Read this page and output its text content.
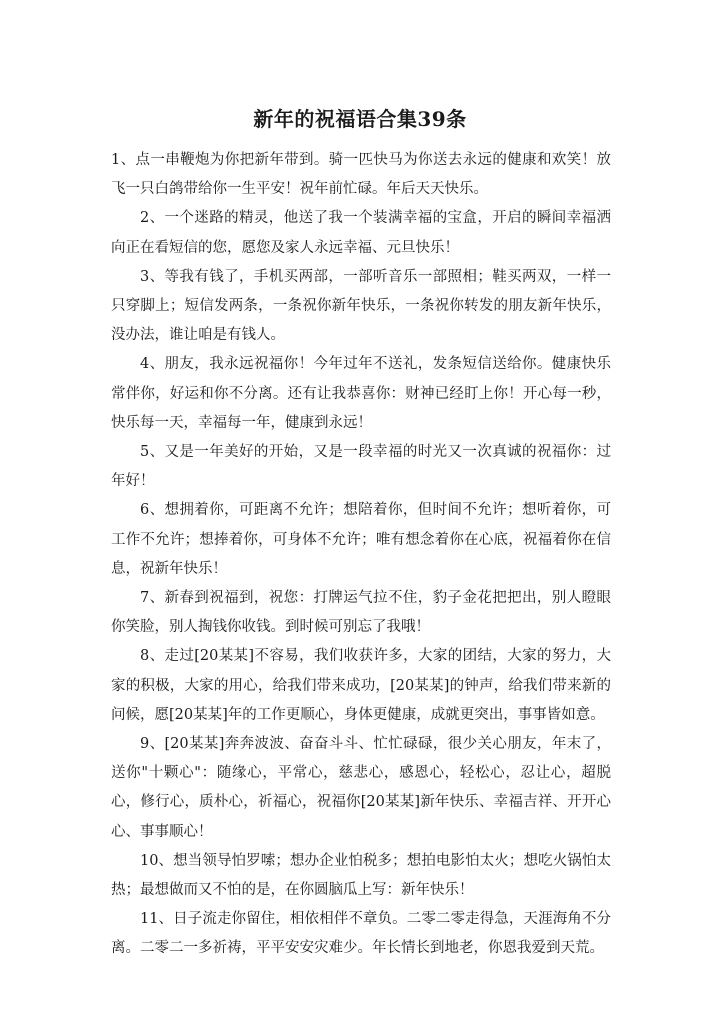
新年的祝福语合集39条

1、点一串鞭炮为你把新年带到。骑一匹快马为你送去永远的健康和欢笑！放飞一只白鸽带给你一生平安！祝年前忙碌。年后天天快乐。

2、一个迷路的精灵，他送了我一个装满幸福的宝盒，开启的瞬间幸福洒向正在看短信的您，愿您及家人永远幸福、元旦快乐！

3、等我有钱了，手机买两部，一部听音乐一部照相；鞋买两双，一样一只穿脚上；短信发两条，一条祝你新年快乐，一条祝你转发的朋友新年快乐，没办法，谁让咱是有钱人。

4、朋友，我永远祝福你！今年过年不送礼，发条短信送给你。健康快乐常伴你，好运和你不分离。还有让我恭喜你：财神已经盯上你！开心每一秒，快乐每一天，幸福每一年，健康到永远！

5、又是一年美好的开始，又是一段幸福的时光又一次真诚的祝福你：过年好！

6、想拥着你，可距离不允许；想陪着你，但时间不允许；想听着你，可工作不允许；想捧着你，可身体不允许；唯有想念着你在心底，祝福着你在信息，祝新年快乐！

7、新春到祝福到，祝您：打牌运气拉不住，豹子金花把把出，别人瞪眼你笑脸，别人掏钱你收钱。到时候可别忘了我哦！

8、走过[20某某]不容易，我们收获许多，大家的团结，大家的努力，大家的积极，大家的用心，给我们带来成功，[20某某]的钟声，给我们带来新的问候，愿[20某某]年的工作更顺心，身体更健康，成就更突出，事事皆如意。

9、[20某某]奔奔波波、奋奋斗斗、忙忙碌碌，很少关心朋友，年末了，送你"十颗心"：随缘心，平常心，慈悲心，感恩心，轻松心，忍让心，超脱心，修行心，质朴心，祈福心，祝福你[20某某]新年快乐、幸福吉祥、开开心心、事事顺心！

10、想当领导怕罗嗦；想办企业怕税多；想拍电影怕太火；想吃火锅怕太热；最想做而又不怕的是，在你圆脑瓜上写：新年快乐！

11、日子流走你留住，相依相伴不章负。二零二零走得急，天涯海角不分离。二零二一多祈祷，平平安安灾难少。年长情长到地老，你恩我爱到天荒。
